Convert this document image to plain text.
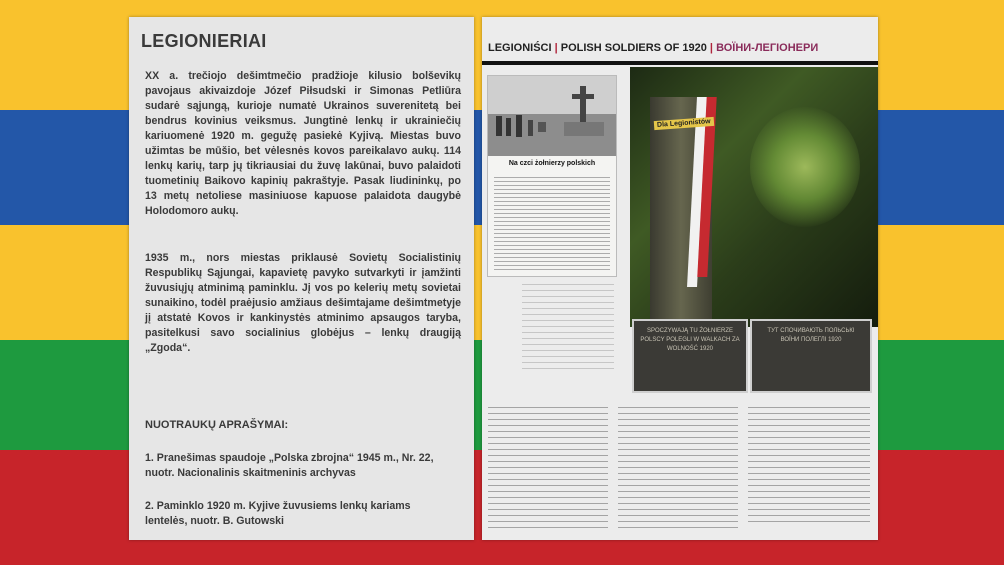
LEGIONIERIAI
XX a. trečiojo dešimtmečio pradžioje kilusio bolševikų pavojaus akivaizdoje Józef Piłsudski ir Simonas Petliūra sudarė sąjungą, kurioje numatė Ukrainos suverenitetą bei bendrus kovinius veiksmus. Jungtinė lenkų ir ukrainiečių kariuomenė 1920 m. gegužę pasiekė Kyjivą. Miestas buvo užimtas be mūšio, bet vėlesnės kovos pareikalavo aukų. 114 lenkų karių, tarp jų tikriausiai du žuvę lakūnai, buvo palaidoti tuometinių Baikovo kapinių pakraštyje. Pasak liudininkų, po 13 metų netoliese masiniuose kapuose palaidota daugybė Holodomoro aukų.
1935 m., nors miestas priklausė Sovietų Socialistinių Respublikų Sąjungai, kapavietę pavyko sutvarkyti ir įamžinti žuvusiųjų atminimą paminklu. Jį vos po kelerių metų sovietai sunaikino, todėl praėjusio amžiaus dešimtajame dešimtmetyje jį atstatė Kovos ir kankinystės atminimo apsaugos taryba, pasitelkusi savo socialinius globėjus – lenkų draugiją „Zgoda“.
NUOTRAUKŲ APRAŠYMAI:
1. Pranešimas spaudoje „Polska zbrojna“ 1945 m., Nr. 22, nuotr. Nacionalinis skaitmeninis archyvas
2. Paminklo 1920 m. Kyjive žuvusiems lenkų kariams lentelės, nuotr. B. Gutowski
LEGIONIŚCI | POLISH SOLDIERS OF 1920 | ВОЇНИ-ЛЕГІОНЕРИ
Na czci żołnierzy polskich
Dla Legionistów
SPOCZYWAJĄ TU ŻOŁNIERZE POLSCY POLEGLI W WALKACH ZA WOLNOŚĆ 1920
ТУТ СПОЧИВАЮТЬ ПОЛЬСЬКІ ВОЇНИ ПОЛЕГЛІ 1920
